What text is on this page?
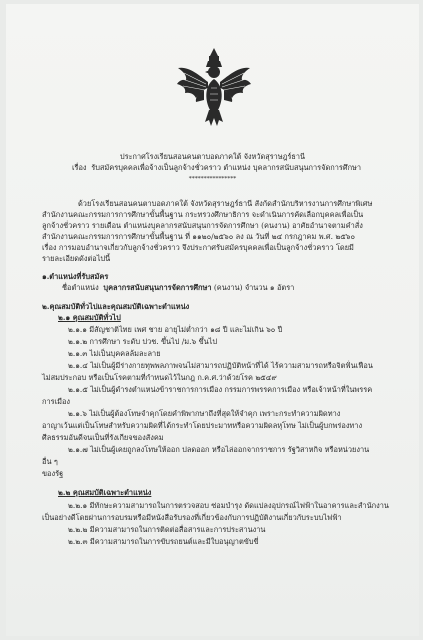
ประกาศโรงเรียนสอนคนตาบอดภาคใต้ จังหวัดสุราษฎร์ธานี
เรื่อง รับสมัครบุคคลเพื่อจ้างเป็นลูกจ้างชั่วคราว ตำแหน่ง บุคลากรสนับสนุนการจัดการศึกษา
****************
ด้วยโรงเรียนสอนคนตาบอดภาคใต้ จังหวัดสุราษฎร์ธานี สังกัดสำนักบริหารงานการศึกษาพิเศษ
สำนักงานคณะกรรมการการศึกษาขั้นพื้นฐาน กระทรวงศึกษาธิการ จะดำเนินการคัดเลือกบุคคลเพื่อเป็น
ลูกจ้างชั่วคราว รายเดือน ตำแหน่งบุคลากรสนับสนุนการจัดการศึกษา (คนงาน) อาศัยอำนาจตามคำสั่ง
สำนักงานคณะกรรมการการศึกษาขั้นพื้นฐาน ที่ ๑๑๒๐/๒๕๖๐ ลง ณ วันที่ ๒๔ กรกฎาคม พ.ศ. ๒๕๖๐
เรื่อง การมอบอำนาจเกี่ยวกับลูกจ้างชั่วคราว จึงประกาศรับสมัครบุคคลเพื่อเป็นลูกจ้างชั่วคราว โดยมี
รายละเอียดดังต่อไปนี้
๑.ตำแหน่งที่รับสมัคร
ชื่อตำแหน่ง บุคลากรสนับสนุนการจัดการศึกษา (คนงาน) จำนวน ๑ อัตรา
๒.คุณสมบัติทั่วไปและคุณสมบัติเฉพาะตำแหน่ง
๒.๑ คุณสมบัติทั่วไป
๒.๑.๑ มีสัญชาติไทย เพศ ชาย อายุไม่ต่ำกว่า ๑๘ ปี และไม่เกิน ๖๐ ปี
๒.๑.๒ การศึกษา ระดับ ปวช. ขึ้นไป /ม.๖ ขึ้นไป
๒.๑.๓ ไม่เป็นบุคคลล้มละลาย
๒.๑.๔ ไม่เป็นผู้มีร่างกายทุพพลภาพจนไม่สามารถปฏิบัติหน้าที่ได้ ไร้ความสามารถหรือจิตฟั่นเฟือน
ไม่สมประกอบ หรือเป็นโรคตามที่กำหนดไว้ในกฎ ก.ค.ศ.ว่าด้วยโรค ๒๕๔๙
๒.๑.๕ ไม่เป็นผู้ดำรงตำแหน่งข้าราชการการเมือง กรรมการพรรคการเมือง หรือเจ้าหน้าที่ในพรรค
การเมือง
๒.๑.๖ ไม่เป็นผู้ต้องโทษจำคุกโดยคำพิพากษาถึงที่สุดให้จำคุก เพราะกระทำความผิดทาง
อาญาเว้นแต่เป็นโทษสำหรับความผิดที่ได้กระทำโดยประมาทหรือความผิดลหุโทษ ไม่เป็นผู้บกพร่องทาง
ศีลธรรมอันดีจนเป็นที่รังเกียจของสังคม
๒.๑.๗ ไม่เป็นผู้เคยถูกลงโทษให้ออก ปลดออก หรือไล่ออกจากราชการ รัฐวิสาหกิจ หรือหน่วยงาน
อื่น ๆ
ของรัฐ
๒.๒ คุณสมบัติเฉพาะตำแหน่ง
๒.๒.๑ มีทักษะความสามารถในการตรวจสอบ ซ่อมบำรุง ดัดแปลงอุปกรณ์ไฟฟ้าในอาคารและสำนักงาน
เป็นอย่างดีโดยผ่านการอบรมหรือมีหนังสือรับรองที่เกี่ยวข้องกับการปฏิบัติงานเกี่ยวกับระบบไฟฟ้า
๒.๒.๒ มีความสามารถในการติดต่อสื่อสารและการประสานงาน
๒.๒.๓ มีความสามารถในการขับรถยนต์และมีใบอนุญาตขับขี่
